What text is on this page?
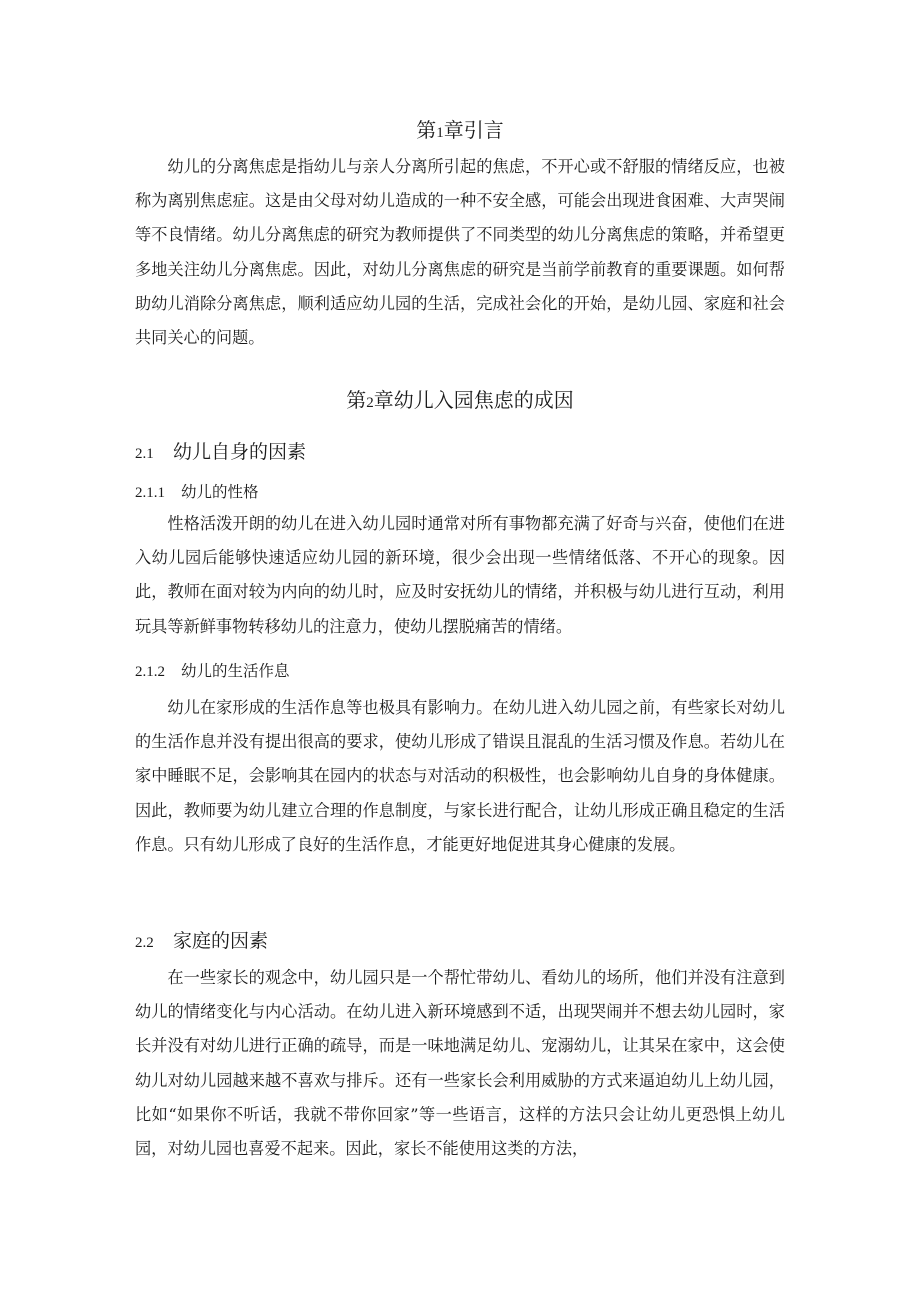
第1章引言

幼儿的分离焦虑是指幼儿与亲人分离所引起的焦虑，不开心或不舒服的情绪反应，也被称为离别焦虑症。这是由父母对幼儿造成的一种不安全感，可能会出现进食困难、大声哭闹等不良情绪。幼儿分离焦虑的研究为教师提供了不同类型的幼儿分离焦虑的策略，并希望更多地关注幼儿分离焦虑。因此，对幼儿分离焦虑的研究是当前学前教育的重要课题。如何帮助幼儿消除分离焦虑，顺利适应幼儿园的生活，完成社会化的开始，是幼儿园、家庭和社会共同关心的问题。

第2章幼儿入园焦虑的成因
2.1 幼儿自身的因素
2.1.1 幼儿的性格

性格活泼开朗的幼儿在进入幼儿园时通常对所有事物都充满了好奇与兴奋，使他们在进入幼儿园后能够快速适应幼儿园的新环境，很少会出现一些情绪低落、不开心的现象。因此，教师在面对较为内向的幼儿时，应及时安抚幼儿的情绪，并积极与幼儿进行互动，利用玩具等新鲜事物转移幼儿的注意力，使幼儿摆脱痛苦的情绪。

2.1.2 幼儿的生活作息

幼儿在家形成的生活作息等也极具有影响力。在幼儿进入幼儿园之前，有些家长对幼儿的生活作息并没有提出很高的要求，使幼儿形成了错误且混乱的生活习惯及作息。若幼儿在家中睡眠不足，会影响其在园内的状态与对活动的积极性，也会影响幼儿自身的身体健康。因此，教师要为幼儿建立合理的作息制度，与家长进行配合，让幼儿形成正确且稳定的生活作息。只有幼儿形成了良好的生活作息，才能更好地促进其身心健康的发展。

2.2 家庭的因素

在一些家长的观念中，幼儿园只是一个帮忙带幼儿、看幼儿的场所，他们并没有注意到幼儿的情绪变化与内心活动。在幼儿进入新环境感到不适，出现哭闹并不想去幼儿园时，家长并没有对幼儿进行正确的疏导，而是一味地满足幼儿、宠溺幼儿，让其呆在家中，这会使幼儿对幼儿园越来越不喜欢与排斥。还有一些家长会利用威胁的方式来逼迫幼儿上幼儿园，比如“如果你不听话，我就不带你回家”等一些语言，这样的方法只会让幼儿更恐惧上幼儿园，对幼儿园也喜爱不起来。因此，家长不能使用这类的方法，
